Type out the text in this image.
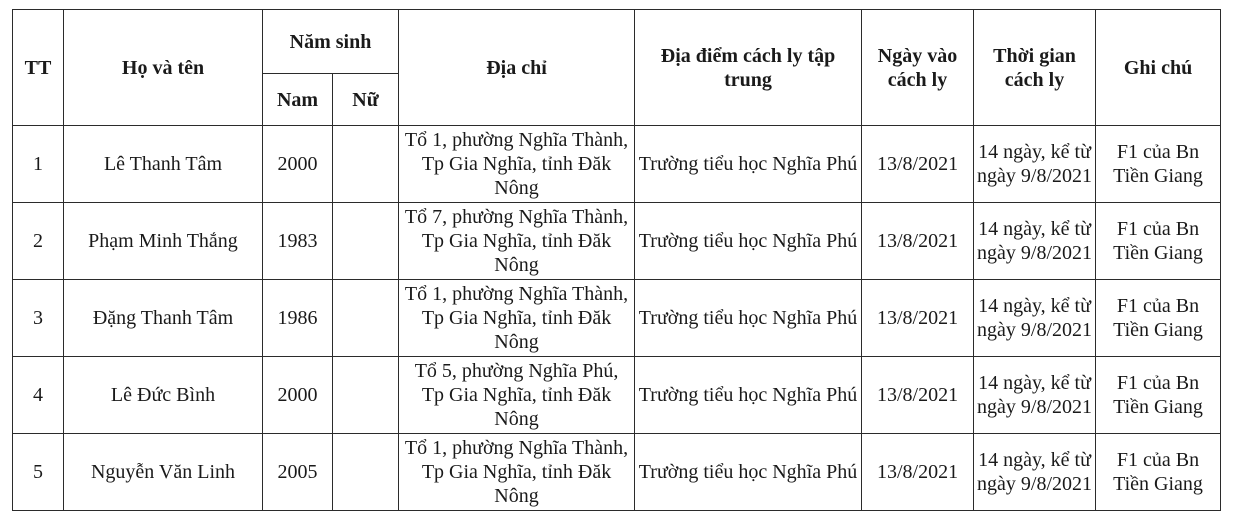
TT	Họ và tên	Năm sinh		Địa chỉ	Địa điểm cách ly tập trung	Ngày vào cách ly	Thời gian cách ly	Ghi chú
		Nam	Nữ					
1	Lê Thanh Tâm	2000		Tổ 1, phường Nghĩa Thành, Tp Gia Nghĩa, tỉnh Đăk Nông	Trường tiểu học Nghĩa Phú	13/8/2021	14 ngày, kể từ ngày 9/8/2021	F1 của Bn Tiền Giang
2	Phạm Minh Thắng	1983		Tổ 7, phường Nghĩa Thành, Tp Gia Nghĩa, tỉnh Đăk Nông	Trường tiểu học Nghĩa Phú	13/8/2021	14 ngày, kể từ ngày 9/8/2021	F1 của Bn Tiền Giang
3	Đặng Thanh Tâm	1986		Tổ 1, phường Nghĩa Thành, Tp Gia Nghĩa, tỉnh Đăk Nông	Trường tiểu học Nghĩa Phú	13/8/2021	14 ngày, kể từ ngày 9/8/2021	F1 của Bn Tiền Giang
4	Lê Đức Bình	2000		Tổ 5, phường Nghĩa Phú, Tp Gia Nghĩa, tỉnh Đăk Nông	Trường tiểu học Nghĩa Phú	13/8/2021	14 ngày, kể từ ngày 9/8/2021	F1 của Bn Tiền Giang
5	Nguyễn Văn Linh	2005		Tổ 1, phường Nghĩa Thành, Tp Gia Nghĩa, tỉnh Đăk Nông	Trường tiểu học Nghĩa Phú	13/8/2021	14 ngày, kể từ ngày 9/8/2021	F1 của Bn Tiền Giang
